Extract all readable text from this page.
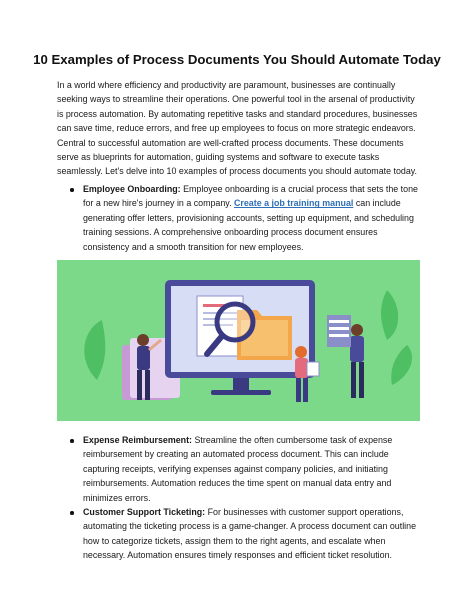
10 Examples of Process Documents You Should Automate Today

In a world where efficiency and productivity are paramount, businesses are continually seeking ways to streamline their operations. One powerful tool in the arsenal of productivity is process automation. By automating repetitive tasks and standard procedures, businesses can save time, reduce errors, and free up employees to focus on more strategic endeavors. Central to successful automation are well-crafted process documents. These documents serve as blueprints for automation, guiding systems and software to execute tasks seamlessly. Let's delve into 10 examples of process documents you should automate today.

Employee Onboarding: Employee onboarding is a crucial process that sets the tone for a new hire's journey in a company. Create a job training manual can include generating offer letters, provisioning accounts, setting up equipment, and scheduling training sessions. A comprehensive onboarding process document ensures consistency and a smooth transition for new employees.
Expense Reimbursement: Streamline the often cumbersome task of expense reimbursement by creating an automated process document. This can include capturing receipts, verifying expenses against company policies, and initiating reimbursements. Automation reduces the time spent on manual data entry and minimizes errors.
Customer Support Ticketing: For businesses with customer support operations, automating the ticketing process is a game-changer. A process document can outline how to categorize tickets, assign them to the right agents, and escalate when necessary. Automation ensures timely responses and efficient ticket resolution.
